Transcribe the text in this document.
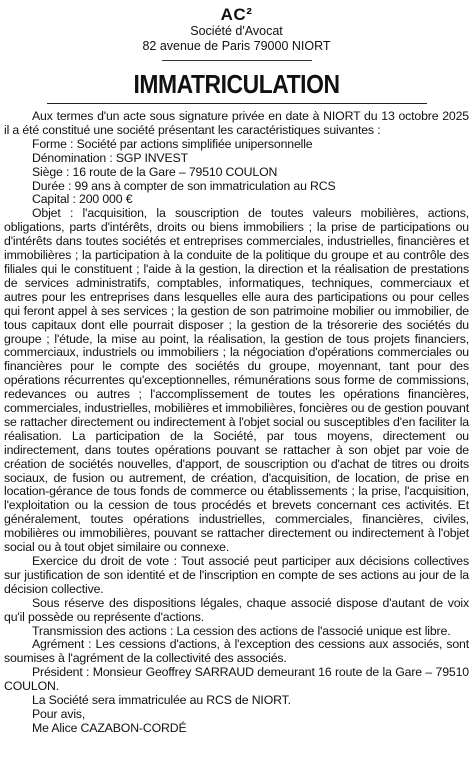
AC²
Société d'Avocat
82 avenue de Paris 79000 NIORT
IMMATRICULATION

Aux termes d'un acte sous signature privée en date à NIORT du 13 octobre 2025 il a été constitué une société présentant les caractéristiques suivantes :

Forme : Société par actions simplifiée unipersonnelle

Dénomination : SGP INVEST

Siège : 16 route de la Gare – 79510 COULON

Durée : 99 ans à compter de son immatriculation au RCS

Capital : 200 000 €

Objet : l'acquisition, la souscription de toutes valeurs mobilières, actions, obligations, parts d'intérêts, droits ou biens immobiliers ; la prise de participations ou d'intérêts dans toutes sociétés et entreprises commerciales, industrielles, financières et immobilières ; la participation à la conduite de la politique du groupe et au contrôle des filiales qui le constituent ; l'aide à la gestion, la direction et la réalisation de prestations de services administratifs, comptables, informatiques, techniques, commerciaux et autres pour les entreprises dans lesquelles elle aura des participations ou pour celles qui feront appel à ses services ; la gestion de son patrimoine mobilier ou immobilier, de tous capitaux dont elle pourrait disposer ; la gestion de la trésorerie des sociétés du groupe ; l'étude, la mise au point, la réalisation, la gestion de tous projets financiers, commerciaux, industriels ou immobiliers ; la négociation d'opérations commerciales ou financières pour le compte des sociétés du groupe, moyennant, tant pour des opérations récurrentes qu'exceptionnelles, rémunérations sous forme de commissions, redevances ou autres ; l'accomplissement de toutes les opérations financières, commerciales, industrielles, mobilières et immobilières, foncières ou de gestion pouvant se rattacher directement ou indirectement à l'objet social ou susceptibles d'en faciliter la réalisation. La participation de la Société, par tous moyens, directement ou indirectement, dans toutes opérations pouvant se rattacher à son objet par voie de création de sociétés nouvelles, d'apport, de souscription ou d'achat de titres ou droits sociaux, de fusion ou autrement, de création, d'acquisition, de location, de prise en location-gérance de tous fonds de commerce ou établissements ; la prise, l'acquisition, l'exploitation ou la cession de tous procédés et brevets concernant ces activités. Et généralement, toutes opérations industrielles, commerciales, financières, civiles, mobilières ou immobilières, pouvant se rattacher directement ou indirectement à l'objet social ou à tout objet similaire ou connexe.

Exercice du droit de vote : Tout associé peut participer aux décisions collectives sur justification de son identité et de l'inscription en compte de ses actions au jour de la décision collective.

Sous réserve des dispositions légales, chaque associé dispose d'autant de voix qu'il possède ou représente d'actions.

Transmission des actions : La cession des actions de l'associé unique est libre.

Agrément : Les cessions d'actions, à l'exception des cessions aux associés, sont soumises à l'agrément de la collectivité des associés.

Président : Monsieur Geoffrey SARRAUD demeurant 16 route de la Gare – 79510 COULON.

La Société sera immatriculée au RCS de NIORT.

Pour avis,

Me Alice CAZABON-CORDÉ
